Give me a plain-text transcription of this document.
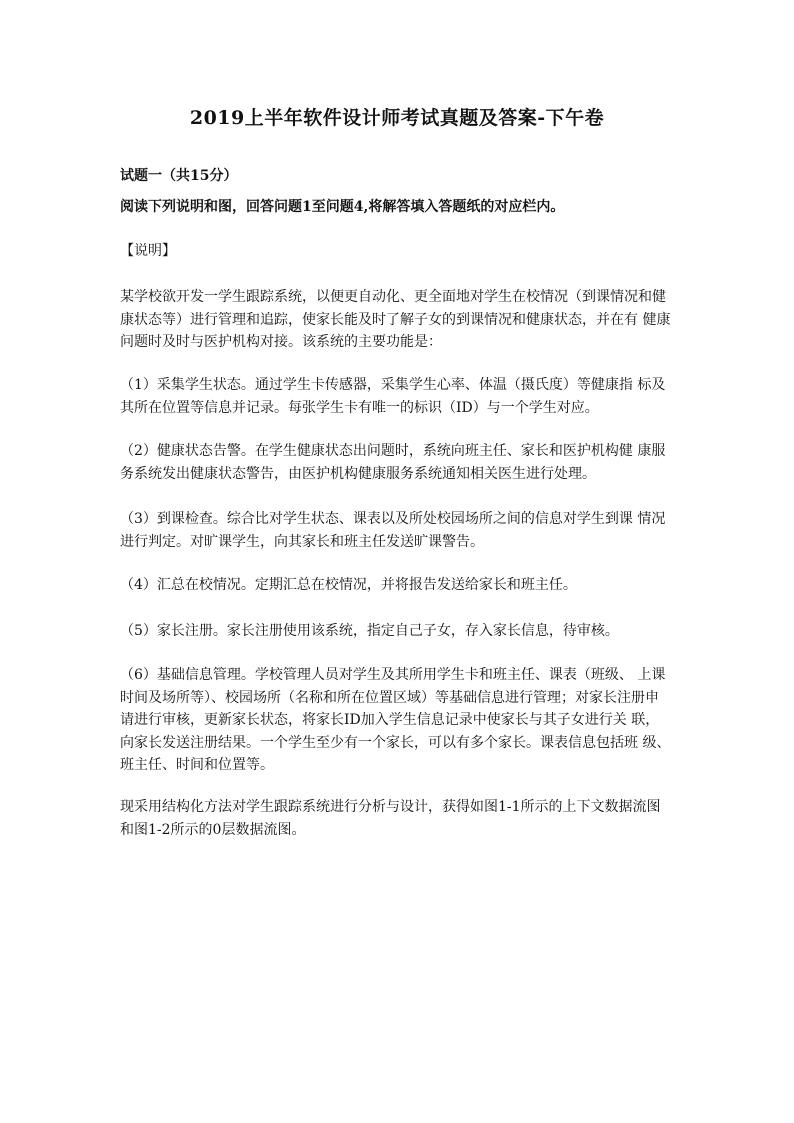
2019上半年软件设计师考试真题及答案-下午卷
试题一（共15分）
阅读下列说明和图，回答问题1至问题4,将解答填入答题纸的对应栏内。
【说明】
某学校欲开发一学生跟踪系统，以便更自动化、更全面地对学生在校情况（到课情况和健
康状态等）进行管理和追踪，使家长能及时了解子女的到课情况和健康状态，并在有 健康
问题时及时与医护机构对接。该系统的主要功能是：
（1）采集学生状态。通过学生卡传感器，采集学生心率、体温（摄氏度）等健康指 标及
其所在位置等信息并记录。每张学生卡有唯一的标识（ID）与一个学生对应。
（2）健康状态告警。在学生健康状态出问题时，系统向班主任、家长和医护机构健 康服
务系统发出健康状态警告，由医护机构健康服务系统通知相关医生进行处理。
（3）到课检查。综合比对学生状态、课表以及所处校园场所之间的信息对学生到课 情况
进行判定。对旷课学生，向其家长和班主任发送旷课警告。
（4）汇总在校情况。定期汇总在校情况，并将报告发送给家长和班主任。
（5）家长注册。家长注册使用该系统，指定自己子女，存入家长信息，待审核。
（6）基础信息管理。学校管理人员对学生及其所用学生卡和班主任、课表（班级、 上课
时间及场所等）、校园场所（名称和所在位置区域）等基础信息进行管理；对家长注册申
请进行审核，更新家长状态，将家长ID加入学生信息记录中使家长与其子女进行关 联，
向家长发送注册结果。一个学生至少有一个家长，可以有多个家长。课表信息包括班 级、
班主任、时间和位置等。
现采用结构化方法对学生跟踪系统进行分析与设计，获得如图1-1所示的上下文数据流图
和图1-2所示的0层数据流图。
